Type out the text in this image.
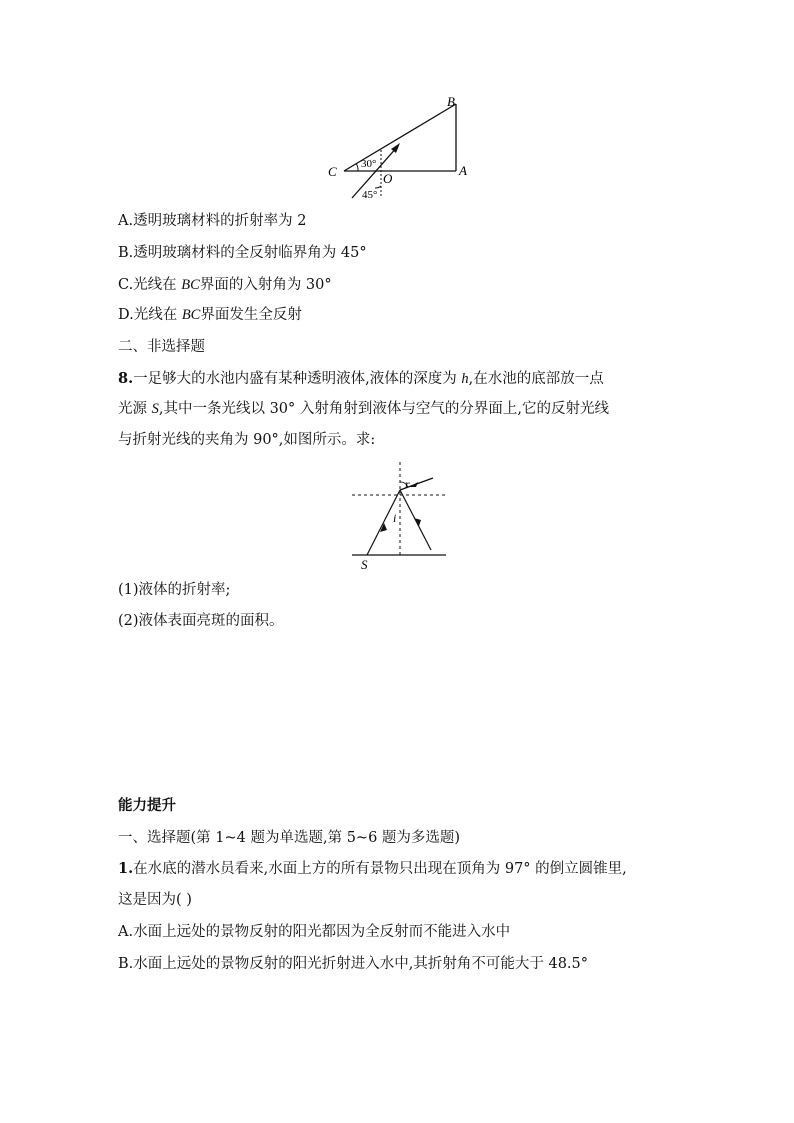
B
C	A
O
30°
45°
A.透明玻璃材料的折射率为 2
B.透明玻璃材料的全反射临界角为 45°
C.光线在 BC界面的入射角为 30°
D.光线在 BC界面发生全反射
二、非选择题
8.一足够大的水池内盛有某种透明液体,液体的深度为 h,在水池的底部放一点
光源 S,其中一条光线以 30° 入射角射到液体与空气的分界面上,它的反射光线
与折射光线的夹角为 90°,如图所示。求:
r
i
S
(1)液体的折射率;
(2)液体表面亮斑的面积。
能力提升
一、选择题(第 1~4 题为单选题,第 5~6 题为多选题)
1.在水底的潜水员看来,水面上方的所有景物只出现在顶角为 97° 的倒立圆锥里,
这是因为( )
A.水面上远处的景物反射的阳光都因为全反射而不能进入水中
B.水面上远处的景物反射的阳光折射进入水中,其折射角不可能大于 48.5°
